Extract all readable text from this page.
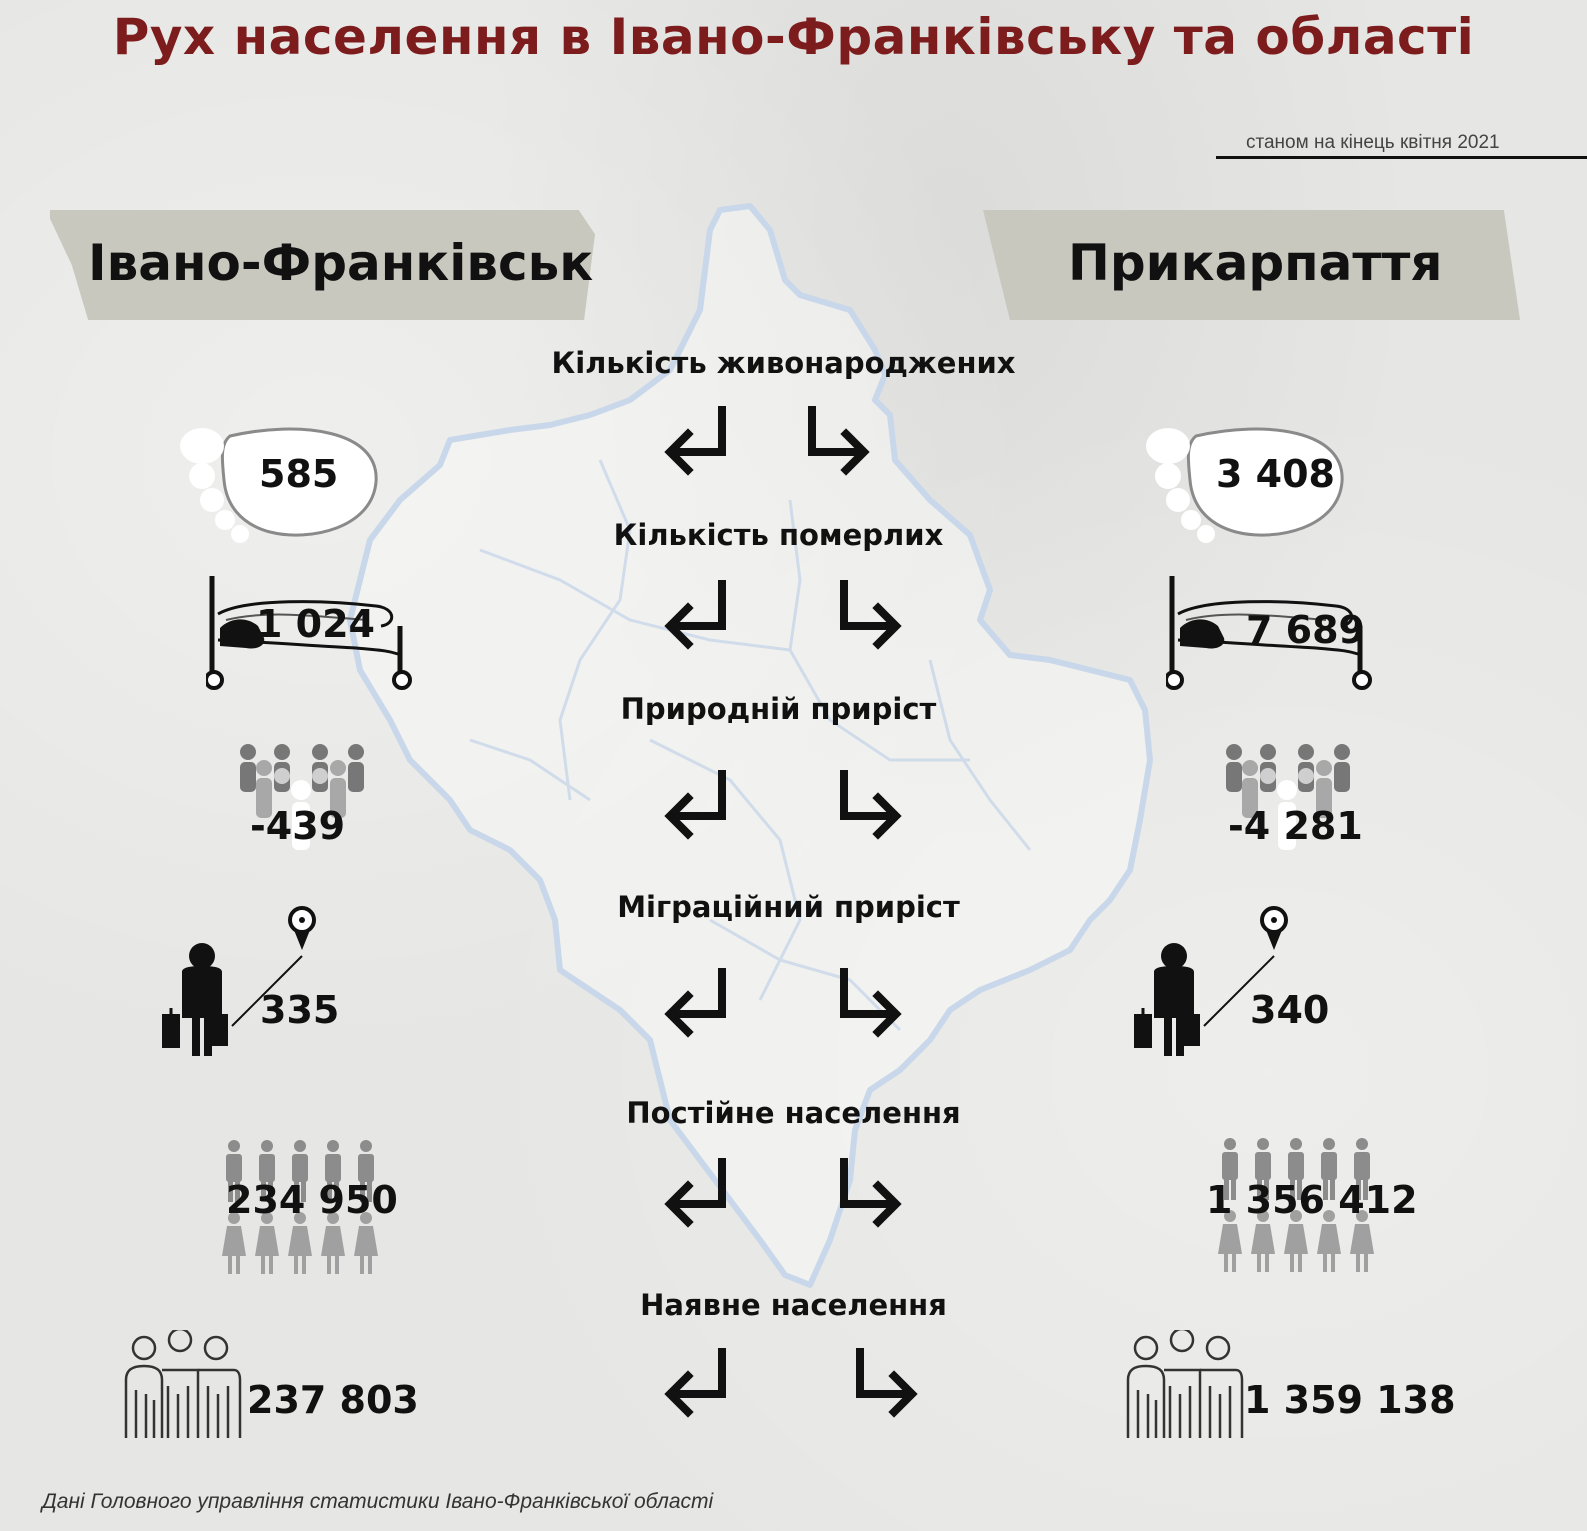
Рух населення в Івано-Франківську та області
станом на кінець квітня 2021
Івано-Франківськ	Прикарпаття
Кількість живонароджених
Кількість померлих
Природній приріст
Міграційний приріст
Постійне населення
Наявне населення
585
1 024
-439
335
234 950
237 803
3 408
7 689
-4 281
340
1 356 412
1 359 138
Дані Головного управління статистики Івано-Франківської області
